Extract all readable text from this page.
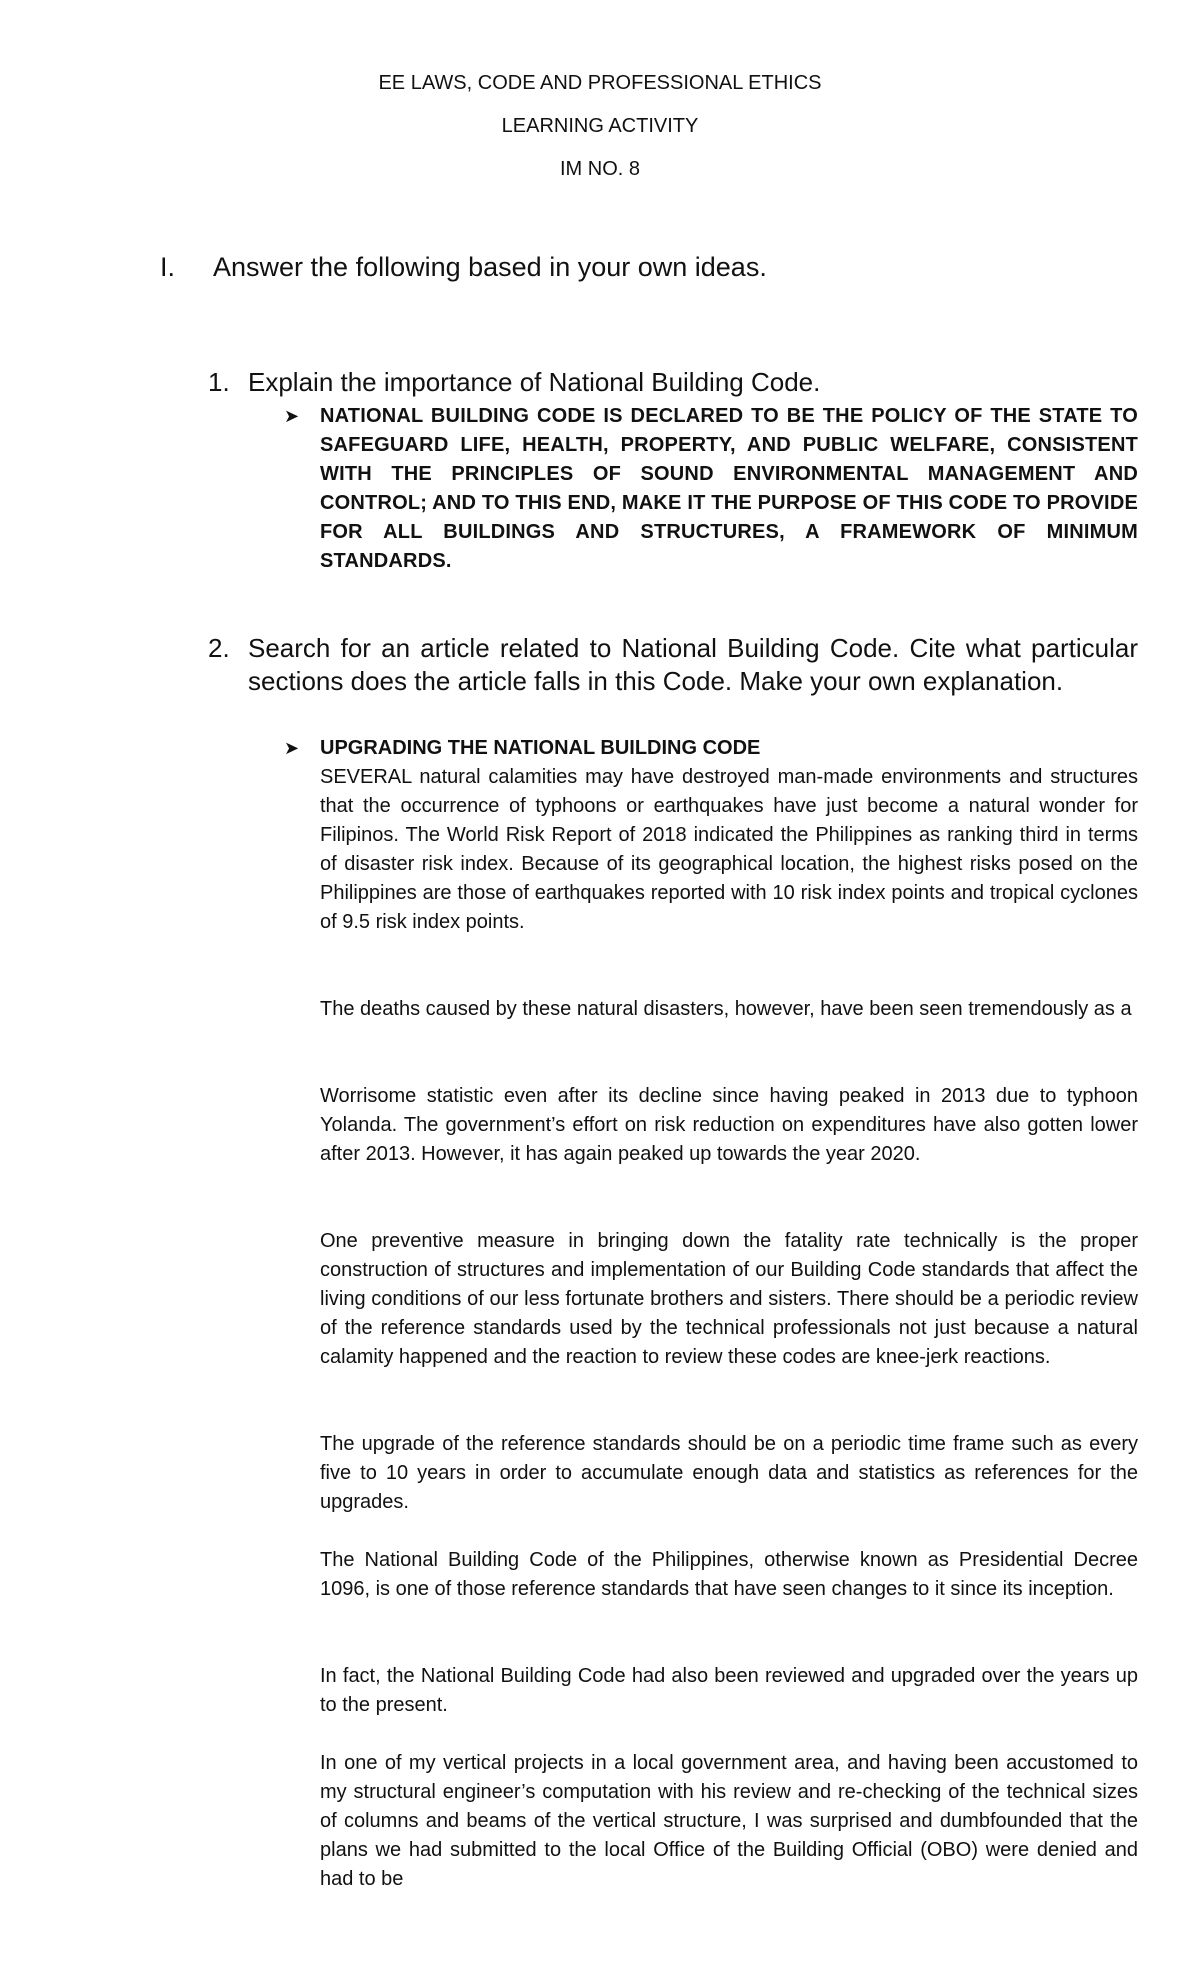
EE LAWS, CODE AND PROFESSIONAL ETHICS
LEARNING ACTIVITY
IM NO. 8
I.	Answer the following based in your own ideas.
1. Explain the importance of National Building Code.
➤	NATIONAL BUILDING CODE IS DECLARED TO BE THE POLICY OF THE STATE TO SAFEGUARD LIFE, HEALTH, PROPERTY, AND PUBLIC WELFARE, CONSISTENT WITH THE PRINCIPLES OF SOUND ENVIRONMENTAL MANAGEMENT AND CONTROL; AND TO THIS END, MAKE IT THE PURPOSE OF THIS CODE TO PROVIDE FOR ALL BUILDINGS AND STRUCTURES, A FRAMEWORK OF MINIMUM STANDARDS.
2. Search for an article related to National Building Code. Cite what particular sections does the article falls in this Code. Make your own explanation.
➤	UPGRADING THE NATIONAL BUILDING CODE
SEVERAL natural calamities may have destroyed man-made environments and structures that the occurrence of typhoons or earthquakes have just become a natural wonder for Filipinos. The World Risk Report of 2018 indicated the Philippines as ranking third in terms of disaster risk index. Because of its geographical location, the highest risks posed on the Philippines are those of earthquakes reported with 10 risk index points and tropical cyclones of 9.5 risk index points.
The deaths caused by these natural disasters, however, have been seen tremendously as a
Worrisome statistic even after its decline since having peaked in 2013 due to typhoon Yolanda. The government’s effort on risk reduction on expenditures have also gotten lower after 2013. However, it has again peaked up towards the year 2020.
One preventive measure in bringing down the fatality rate technically is the proper construction of structures and implementation of our Building Code standards that affect the living conditions of our less fortunate brothers and sisters. There should be a periodic review of the reference standards used by the technical professionals not just because a natural calamity happened and the reaction to review these codes are knee-jerk reactions.
The upgrade of the reference standards should be on a periodic time frame such as every five to 10 years in order to accumulate enough data and statistics as references for the upgrades.
The National Building Code of the Philippines, otherwise known as Presidential Decree 1096, is one of those reference standards that have seen changes to it since its inception.
In fact, the National Building Code had also been reviewed and upgraded over the years up to the present.
In one of my vertical projects in a local government area, and having been accustomed to my structural engineer’s computation with his review and re-checking of the technical sizes of columns and beams of the vertical structure, I was surprised and dumbfounded that the plans we had submitted to the local Office of the Building Official (OBO) were denied and had to be
